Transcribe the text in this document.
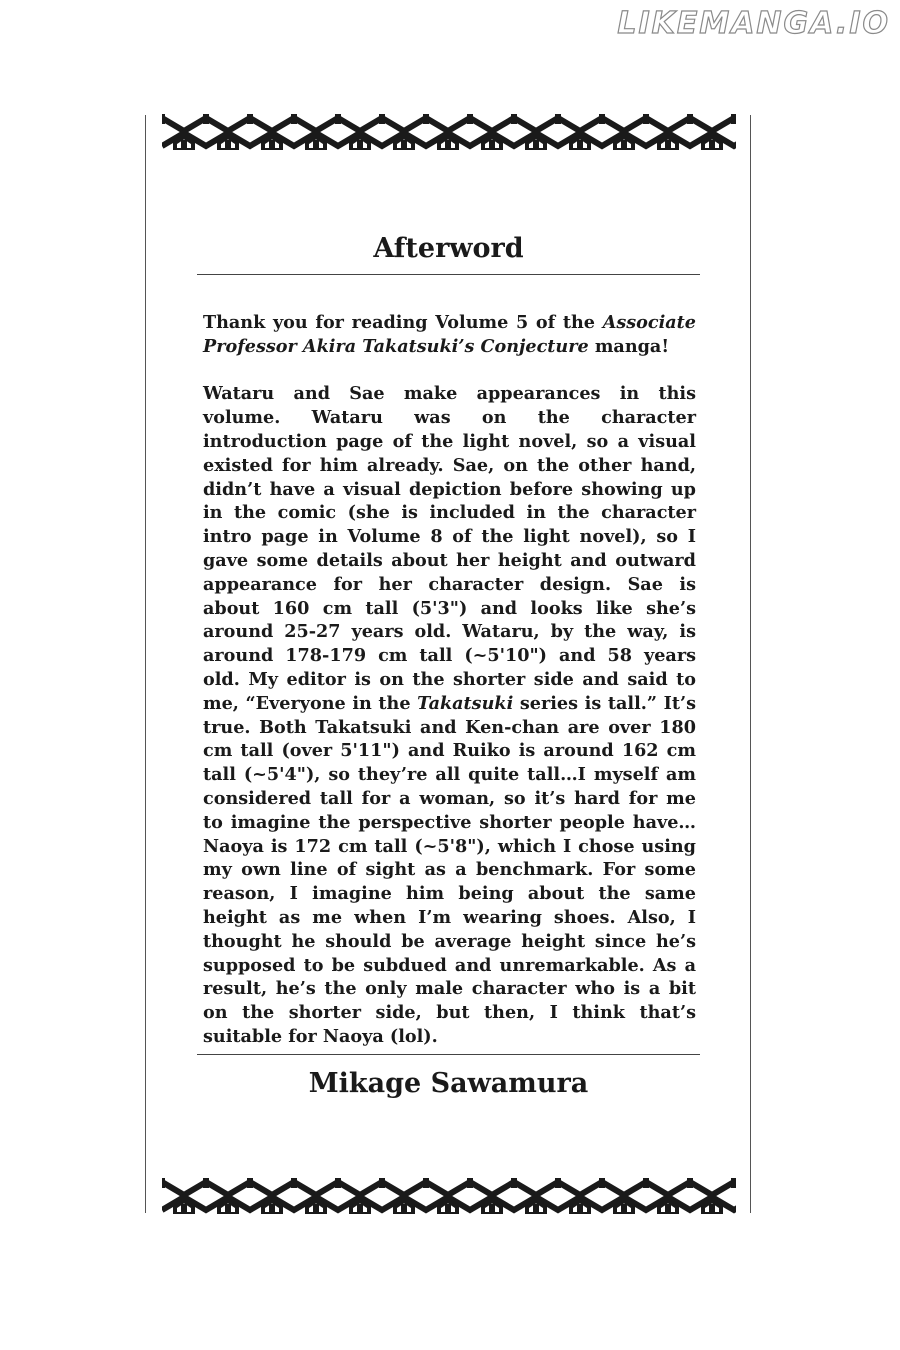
LIKEMANGA.IO
Afterword

Thank you for reading Volume 5 of the Associate Professor Akira Takatsuki’s Conjecture manga!

Wataru and Sae make appearances in this volume. Wataru was on the character introduction page of the light novel, so a visual existed for him already. Sae, on the other hand, didn’t have a visual depiction before showing up in the comic (she is included in the character intro page in Volume 8 of the light novel), so I gave some details about her height and outward appearance for her character design. Sae is about 160 cm tall (5'3") and looks like she’s around 25-27 years old. Wataru, by the way, is around 178-179 cm tall (~5'10") and 58 years old. My editor is on the shorter side and said to me, “Everyone in the Takatsuki series is tall.” It’s true. Both Takatsuki and Ken-chan are over 180 cm tall (over 5'11") and Ruiko is around 162 cm tall (~5'4"), so they’re all quite tall…I myself am considered tall for a woman, so it’s hard for me to imagine the perspective shorter people have…Naoya is 172 cm tall (~5'8"), which I chose using my own line of sight as a benchmark. For some reason, I imagine him being about the same height as me when I’m wearing shoes. Also, I thought he should be average height since he’s supposed to be subdued and unremarkable. As a result, he’s the only male character who is a bit on the shorter side, but then, I think that’s suitable for Naoya (lol).

Mikage Sawamura
